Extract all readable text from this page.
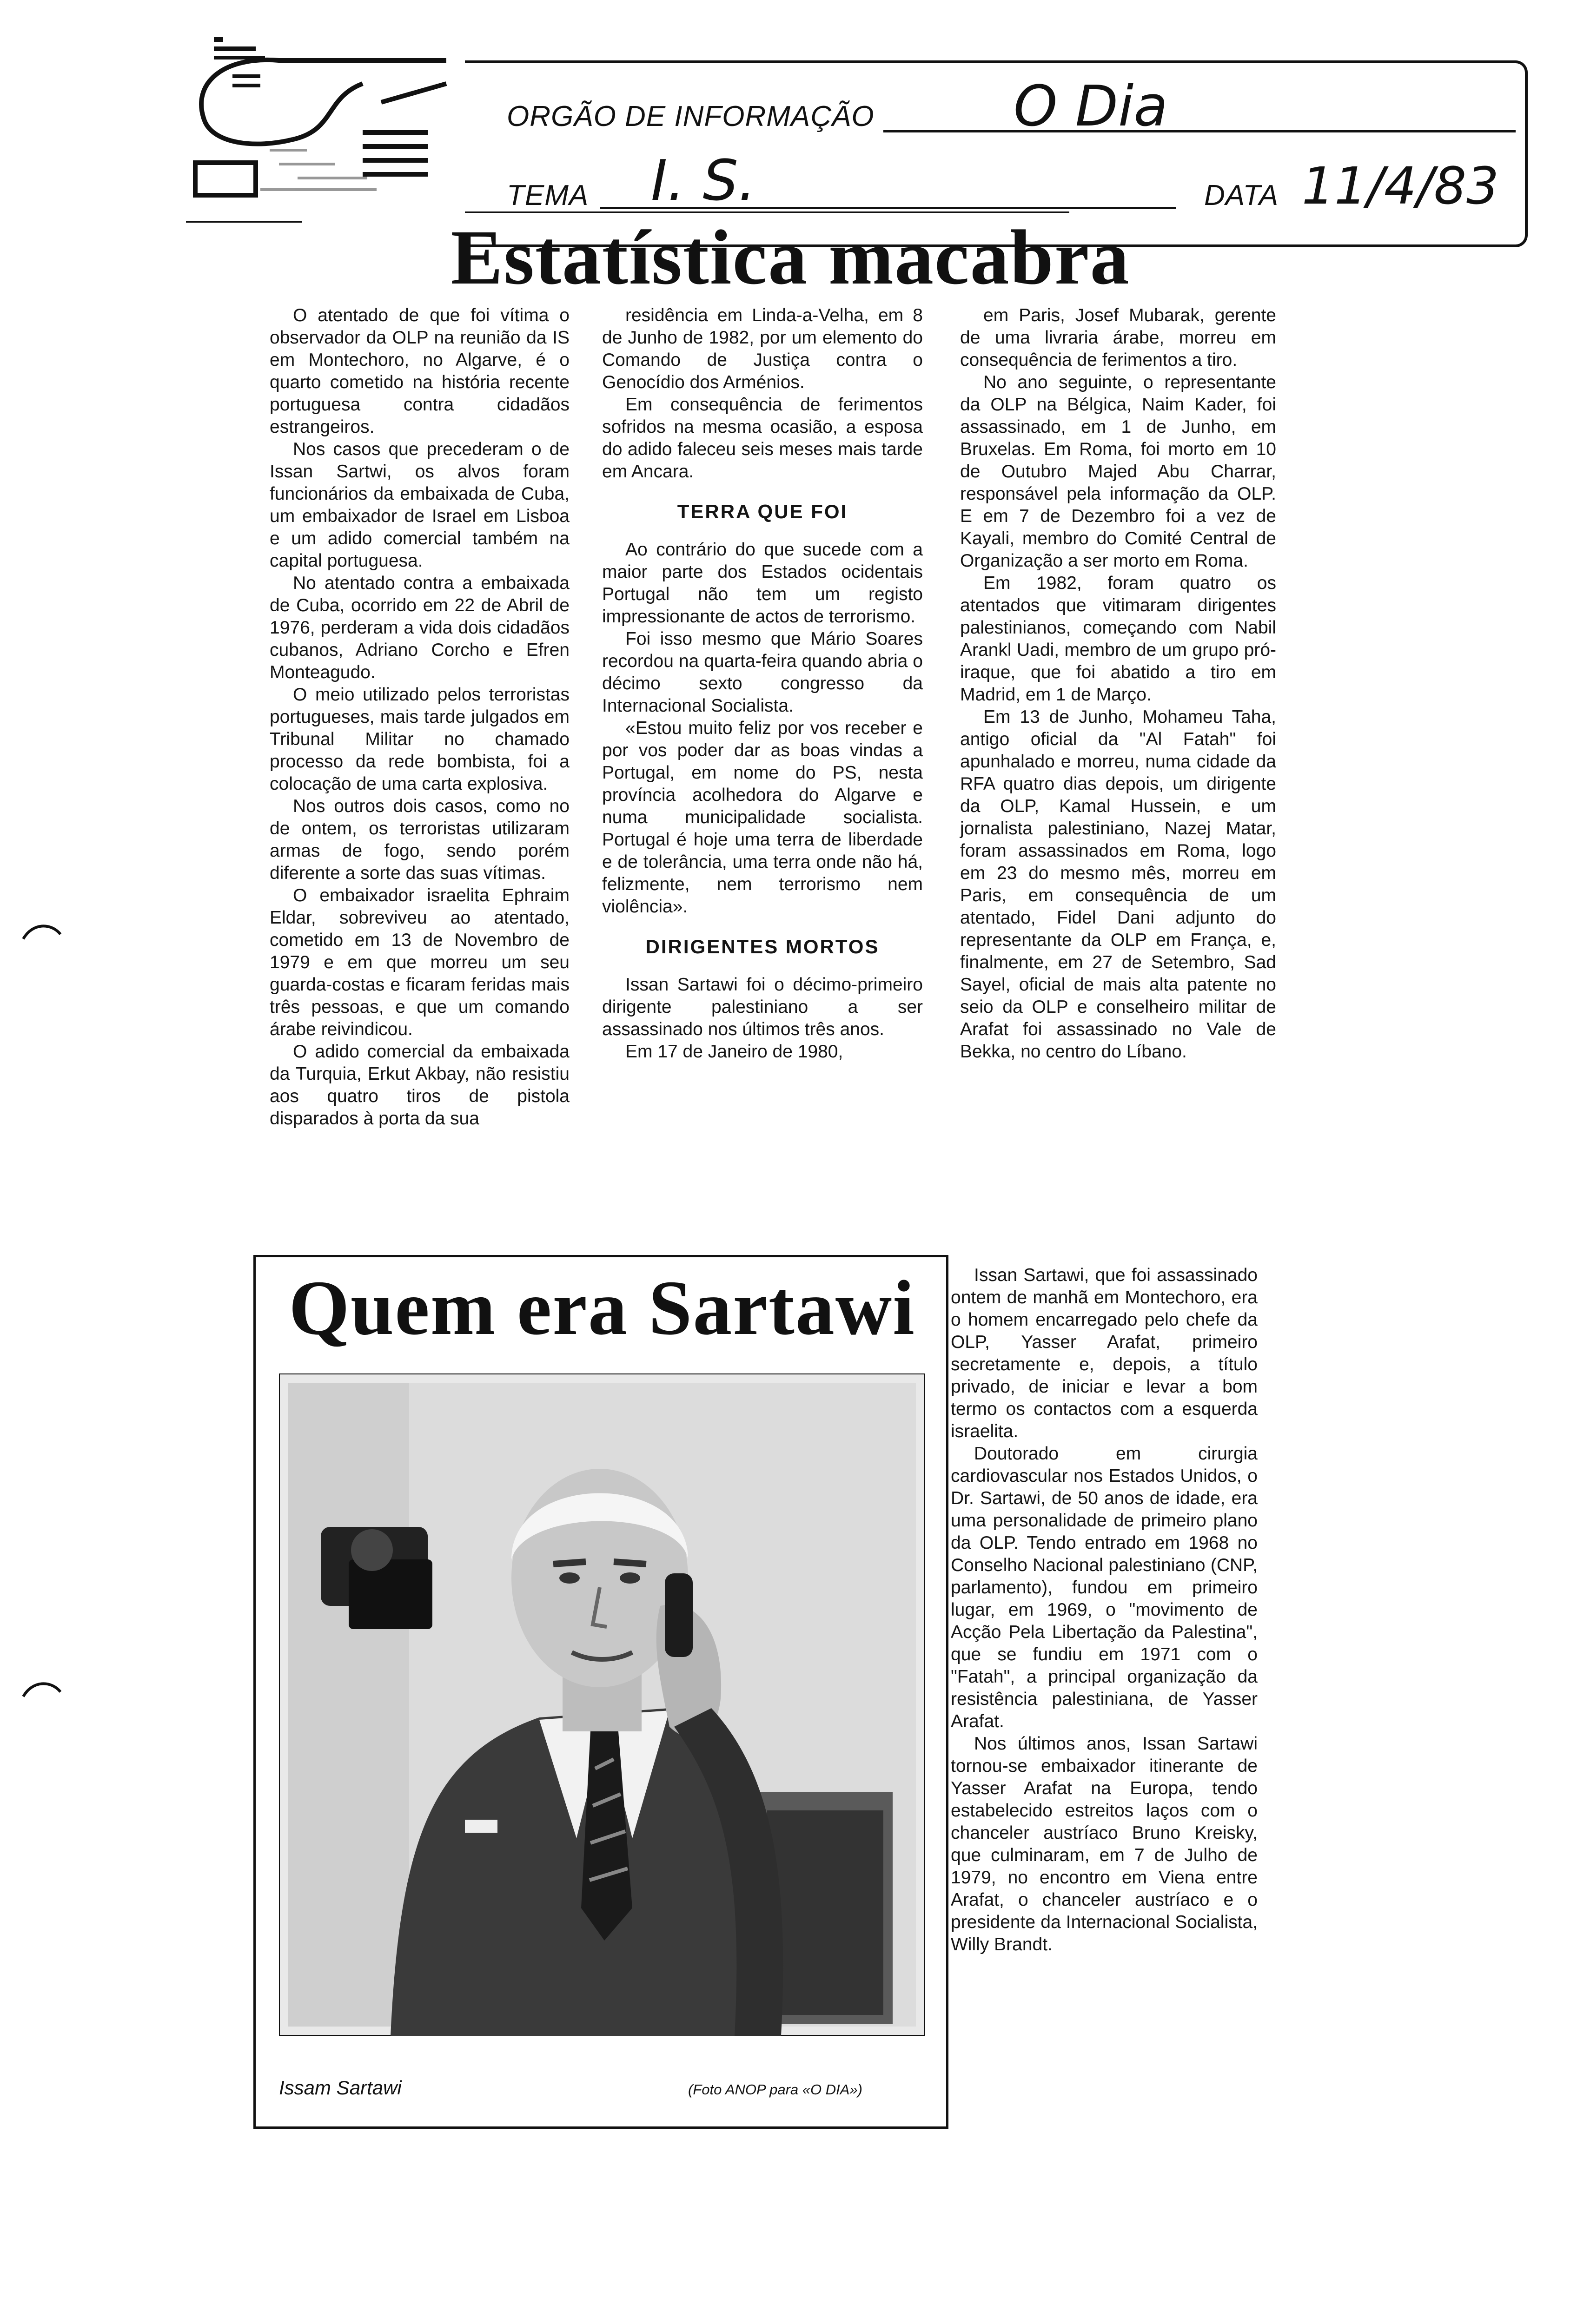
ORGÃO DE INFORMAÇÃO O Dia
TEMA I. S.	DATA 11/4/83
Estatística macabra

O atentado de que foi vítima o observador da OLP na reunião da IS em Montechoro, no Algarve, é o quarto cometido na história recente portuguesa contra cidadãos estrangeiros.

Nos casos que precederam o de Issan Sartwi, os alvos foram funcionários da embaixada de Cuba, um embaixador de Israel em Lisboa e um adido comercial também na capital portuguesa.

No atentado contra a embaixada de Cuba, ocorrido em 22 de Abril de 1976, perderam a vida dois cidadãos cubanos, Adriano Corcho e Efren Monteagudo.

O meio utilizado pelos terroristas portugueses, mais tarde julgados em Tribunal Militar no chamado processo da rede bombista, foi a colocação de uma carta explosiva.

Nos outros dois casos, como no de ontem, os terroristas utilizaram armas de fogo, sendo porém diferente a sorte das suas vítimas.

O embaixador israelita Ephraim Eldar, sobreviveu ao atentado, cometido em 13 de Novembro de 1979 e em que morreu um seu guarda-costas e ficaram feridas mais três pessoas, e que um comando árabe reivindicou.

O adido comercial da embaixada da Turquia, Erkut Akbay, não resistiu aos quatro tiros de pistola disparados à porta da sua

residência em Linda-a-Velha, em 8 de Junho de 1982, por um elemento do Comando de Justiça contra o Genocídio dos Arménios.

Em consequência de ferimentos sofridos na mesma ocasião, a esposa do adido faleceu seis meses mais tarde em Ancara.

TERRA QUE FOI

Ao contrário do que sucede com a maior parte dos Estados ocidentais Portugal não tem um registo impressionante de actos de terrorismo.

Foi isso mesmo que Mário Soares recordou na quarta-feira quando abria o décimo sexto congresso da Internacional Socialista.

«Estou muito feliz por vos receber e por vos poder dar as boas vindas a Portugal, em nome do PS, nesta província acolhedora do Algarve e numa municipalidade socialista. Portugal é hoje uma terra de liberdade e de tolerância, uma terra onde não há, felizmente, nem terrorismo nem violência».

DIRIGENTES MORTOS

Issan Sartawi foi o décimo-primeiro dirigente palestiniano a ser assassinado nos últimos três anos.

Em 17 de Janeiro de 1980,

em Paris, Josef Mubarak, gerente de uma livraria árabe, morreu em consequência de ferimentos a tiro.

No ano seguinte, o representante da OLP na Bélgica, Naim Kader, foi assassinado, em 1 de Junho, em Bruxelas. Em Roma, foi morto em 10 de Outubro Majed Abu Charrar, responsável pela informação da OLP. E em 7 de Dezembro foi a vez de Kayali, membro do Comité Central de Organização a ser morto em Roma.

Em 1982, foram quatro os atentados que vitimaram dirigentes palestinianos, começando com Nabil Arankl Uadi, membro de um grupo pró-iraque, que foi abatido a tiro em Madrid, em 1 de Março.

Em 13 de Junho, Mohameu Taha, antigo oficial da "Al Fatah" foi apunhalado e morreu, numa cidade da RFA quatro dias depois, um dirigente da OLP, Kamal Hussein, e um jornalista palestiniano, Nazej Matar, foram assassinados em Roma, logo em 23 do mesmo mês, morreu em Paris, em consequência de um atentado, Fidel Dani adjunto do representante da OLP em França, e, finalmente, em 27 de Setembro, Sad Sayel, oficial de mais alta patente no seio da OLP e conselheiro militar de Arafat foi assassinado no Vale de Bekka, no centro do Líbano.

Quem era Sartawi
Issam Sartawi	(Foto ANOP para «O DIA»)

Issan Sartawi, que foi assassinado ontem de manhã em Montechoro, era o homem encarregado pelo chefe da OLP, Yasser Arafat, primeiro secretamente e, depois, a título privado, de iniciar e levar a bom termo os contactos com a esquerda israelita.

Doutorado em cirurgia cardiovascular nos Estados Unidos, o Dr. Sartawi, de 50 anos de idade, era uma personalidade de primeiro plano da OLP. Tendo entrado em 1968 no Conselho Nacional palestiniano (CNP, parlamento), fundou em primeiro lugar, em 1969, o "movimento de Acção Pela Libertação da Palestina", que se fundiu em 1971 com o "Fatah", a principal organização da resistência palestiniana, de Yasser Arafat.

Nos últimos anos, Issan Sartawi tornou-se embaixador itinerante de Yasser Arafat na Europa, tendo estabelecido estreitos laços com o chanceler austríaco Bruno Kreisky, que culminaram, em 7 de Julho de 1979, no encontro em Viena entre Arafat, o chanceler austríaco e o presidente da Internacional Socialista, Willy Brandt.
